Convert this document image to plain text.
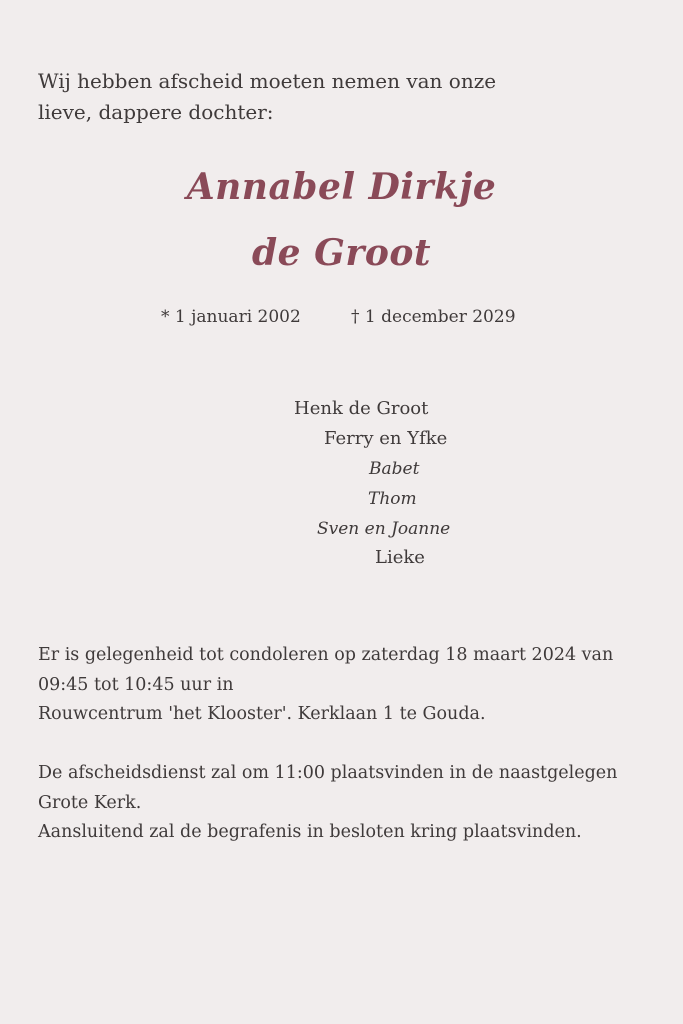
Wij hebben afscheid moeten nemen van onze
lieve, dappere dochter:

Annabel Dirkje
de Groot
* 1 januari 2002	† 1 december 2029
Henk de Groot
Ferry en Yfke
Babet
Thom
Sven en Joanne
Lieke

Er is gelegenheid tot condoleren op zaterdag 18 maart 2024 van
09:45 tot 10:45 uur in
Rouwcentrum 'het Klooster'. Kerklaan 1 te Gouda.

De afscheidsdienst zal om 11:00 plaatsvinden in de naastgelegen
Grote Kerk.
Aansluitend zal de begrafenis in besloten kring plaatsvinden.
